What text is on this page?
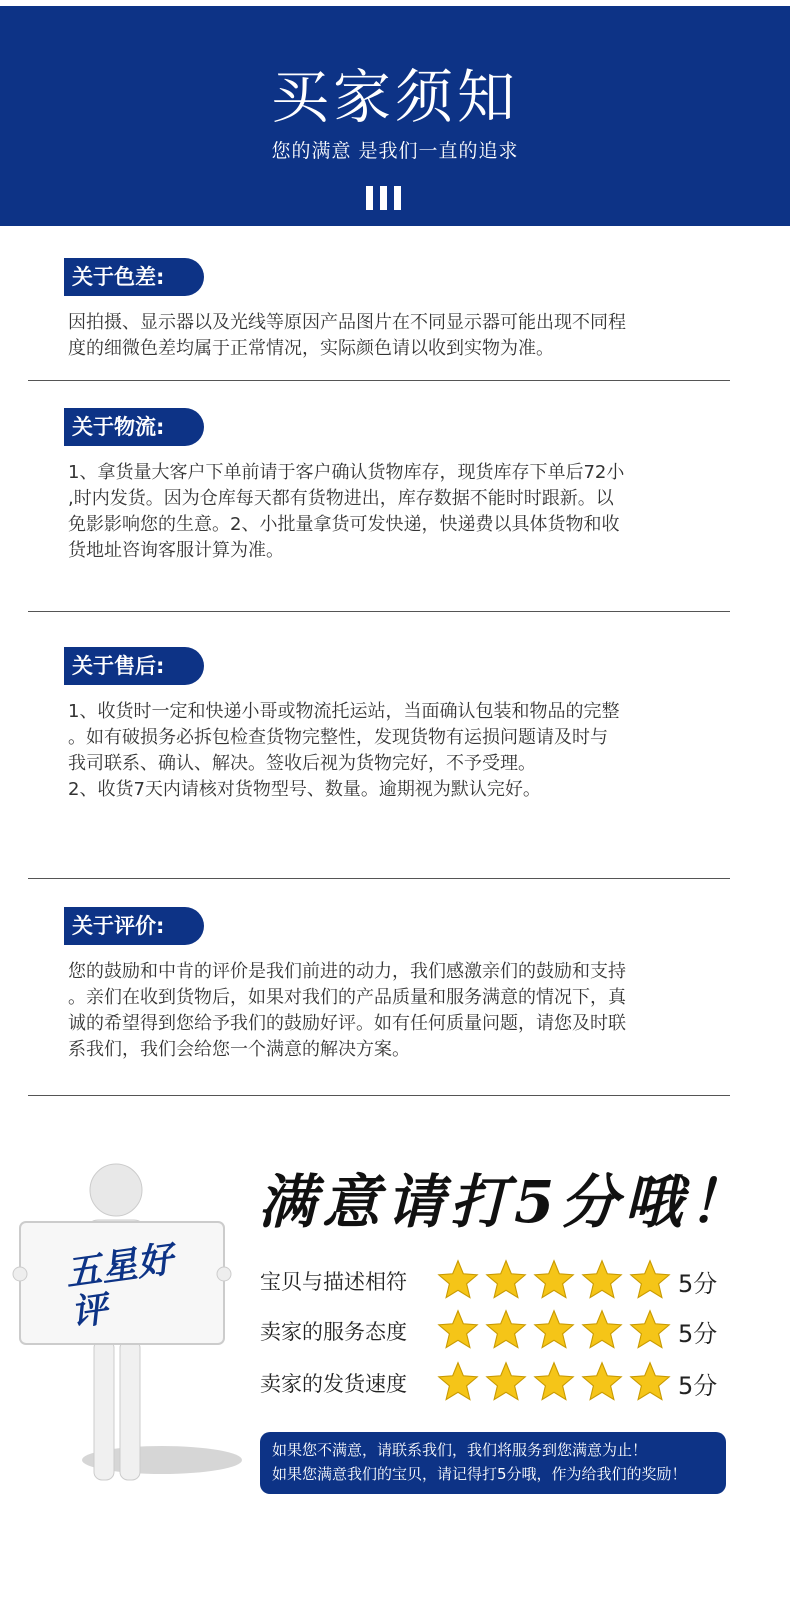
买家须知
您的满意 是我们一直的追求
关于色差:
因拍摄、显示器以及光线等原因产品图片在不同显示器可能出现不同程
度的细微色差均属于正常情况，实际颜色请以收到实物为准。
关于物流:
1、拿货量大客户下单前请于客户确认货物库存，现货库存下单后72小
,时内发货。因为仓库每天都有货物进出，库存数据不能时时跟新。以
免影影响您的生意。2、小批量拿货可发快递，快递费以具体货物和收
货地址咨询客服计算为准。
关于售后:
1、收货时一定和快递小哥或物流托运站，当面确认包装和物品的完整
。如有破损务必拆包检查货物完整性，发现货物有运损问题请及时与
我司联系、确认、解决。签收后视为货物完好，不予受理。
2、收货7天内请核对货物型号、数量。逾期视为默认完好。
关于评价:
您的鼓励和中肯的评价是我们前进的动力，我们感激亲们的鼓励和支持
。亲们在收到货物后，如果对我们的产品质量和服务满意的情况下，真
诚的希望得到您给予我们的鼓励好评。如有任何质量问题，请您及时联
系我们，我们会给您一个满意的解决方案。
五星好评
满意请打5分哦！
宝贝与描述相符	5分
卖家的服务态度	5分
卖家的发货速度	5分
如果您不满意，请联系我们，我们将服务到您满意为止！
如果您满意我们的宝贝，请记得打5分哦，作为给我们的奖励！
